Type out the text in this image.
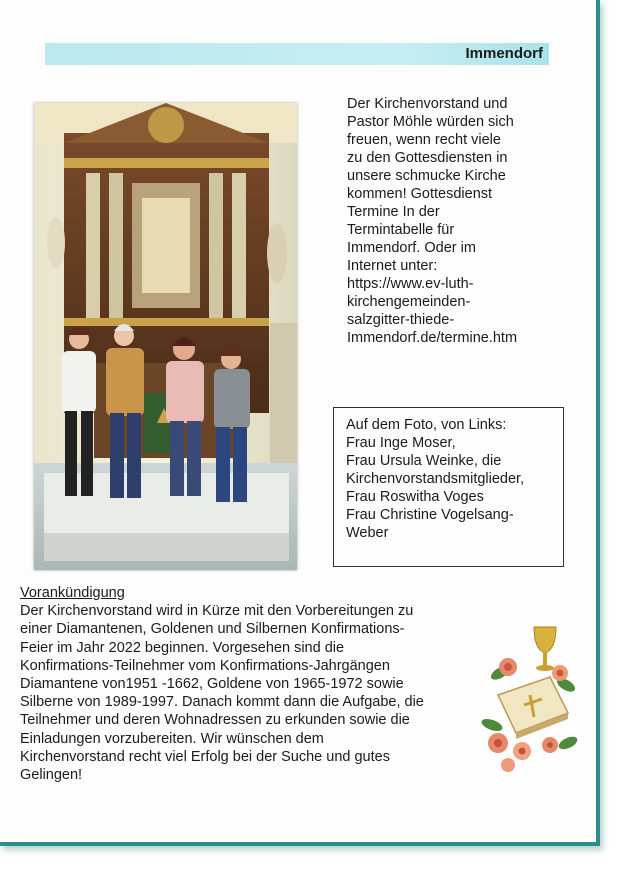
Immendorf
Der Kirchenvorstand und
Pastor Möhle würden sich
freuen, wenn recht viele
zu den Gottesdiensten in
unsere schmucke Kirche
kommen! Gottesdienst
Termine In der
Termintabelle für
Immendorf. Oder im
Internet unter:
https://www.ev-luth-
kirchengemeinden-
salzgitter-thiede-
Immendorf.de/termine.htm
Auf dem Foto, von Links:
Frau Inge Moser,
Frau Ursula Weinke, die
Kirchenvorstandsmitglieder,
Frau Roswitha Voges
Frau Christine Vogelsang-
Weber
Vorankündigung
Der Kirchenvorstand wird in Kürze mit den Vorbereitungen zu
einer Diamantenen, Goldenen und Silbernen Konfirmations-
Feier im Jahr 2022 beginnen. Vorgesehen sind die
Konfirmations-Teilnehmer vom Konfirmations-Jahrgängen
Diamantene von1951 -1662, Goldene von 1965-1972 sowie
Silberne von 1989-1997. Danach kommt dann die Aufgabe, die
Teilnehmer und deren Wohnadressen zu erkunden sowie die
Einladungen vorzubereiten. Wir wünschen dem
Kirchenvorstand recht viel Erfolg bei der Suche und gutes
Gelingen!
